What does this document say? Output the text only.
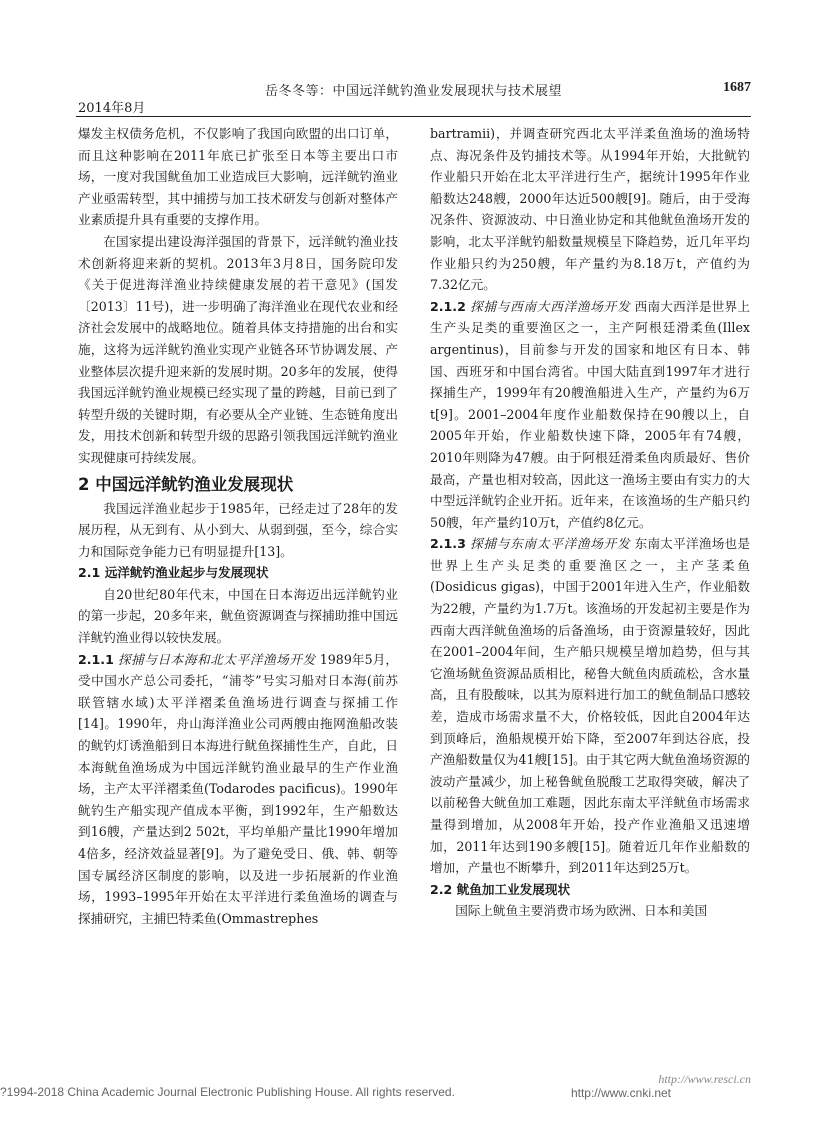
岳冬冬等：中国远洋鱿钓渔业发展现状与技术展望	1687
2014年8月

爆发主权债务危机，不仅影响了我国向欧盟的出口订单，而且这种影响在2011年底已扩张至日本等主要出口市场，一度对我国鱿鱼加工业造成巨大影响，远洋鱿钓渔业产业亟需转型，其中捕捞与加工技术研发与创新对整体产业素质提升具有重要的支撑作用。

在国家提出建设海洋强国的背景下，远洋鱿钓渔业技术创新将迎来新的契机。2013年3月8日，国务院印发《关于促进海洋渔业持续健康发展的若干意见》(国发〔2013〕11号)，进一步明确了海洋渔业在现代农业和经济社会发展中的战略地位。随着具体支持措施的出台和实施，这将为远洋鱿钓渔业实现产业链各环节协调发展、产业整体层次提升迎来新的发展时期。20多年的发展，使得我国远洋鱿钓渔业规模已经实现了量的跨越，目前已到了转型升级的关键时期，有必要从全产业链、生态链角度出发，用技术创新和转型升级的思路引领我国远洋鱿钓渔业实现健康可持续发展。

2 中国远洋鱿钓渔业发展现状

我国远洋渔业起步于1985年，已经走过了28年的发展历程，从无到有、从小到大、从弱到强，至今，综合实力和国际竞争能力已有明显提升[13]。

2.1 远洋鱿钓渔业起步与发展现状

自20世纪80年代末，中国在日本海迈出远洋鱿钓业的第一步起，20多年来，鱿鱼资源调查与探捕助推中国远洋鱿钓渔业得以较快发展。

2.1.1 探捕与日本海和北太平洋渔场开发 1989年5月，受中国水产总公司委托，“浦苓”号实习船对日本海(前苏联管辖水域)太平洋褶柔鱼渔场进行调查与探捕工作[14]。1990年，舟山海洋渔业公司两艘由拖网渔船改装的鱿钓灯诱渔船到日本海进行鱿鱼探捕性生产，自此，日本海鱿鱼渔场成为中国远洋鱿钓渔业最早的生产作业渔场，主产太平洋褶柔鱼(Todarodes pacificus)。1990年鱿钓生产船实现产值成本平衡，到1992年，生产船数达到16艘，产量达到2 502t，平均单船产量比1990年增加4倍多，经济效益显著[9]。为了避免受日、俄、韩、朝等国专属经济区制度的影响，以及进一步拓展新的作业渔场，1993–1995年开始在太平洋进行柔鱼渔场的调查与探捕研究，主捕巴特柔鱼(Ommastrephes

bartramii)，并调查研究西北太平洋柔鱼渔场的渔场特点、海况条件及钓捕技术等。从1994年开始，大批鱿钓作业船只开始在北太平洋进行生产，据统计1995年作业船数达248艘，2000年达近500艘[9]。随后，由于受海况条件、资源波动、中日渔业协定和其他鱿鱼渔场开发的影响，北太平洋鱿钓船数量规模呈下降趋势，近几年平均作业船只约为250艘，年产量约为8.18万t，产值约为7.32亿元。

2.1.2 探捕与西南大西洋渔场开发 西南大西洋是世界上生产头足类的重要渔区之一，主产阿根廷滑柔鱼(Illex argentinus)，目前参与开发的国家和地区有日本、韩国、西班牙和中国台湾省。中国大陆直到1997年才进行探捕生产，1999年有20艘渔船进入生产，产量约为6万t[9]。2001–2004年度作业船数保持在90艘以上，自2005年开始，作业船数快速下降，2005年有74艘，2010年则降为47艘。由于阿根廷滑柔鱼肉质最好、售价最高，产量也相对较高，因此这一渔场主要由有实力的大中型远洋鱿钓企业开拓。近年来，在该渔场的生产船只约50艘，年产量约10万t，产值约8亿元。

2.1.3 探捕与东南太平洋渔场开发 东南太平洋渔场也是世界上生产头足类的重要渔区之一，主产茎柔鱼(Dosidicus gigas)，中国于2001年进入生产，作业船数为22艘，产量约为1.7万t。该渔场的开发起初主要是作为西南大西洋鱿鱼渔场的后备渔场，由于资源量较好，因此在2001–2004年间，生产船只规模呈增加趋势，但与其它渔场鱿鱼资源品质相比，秘鲁大鱿鱼肉质疏松，含水量高，且有股酸味，以其为原料进行加工的鱿鱼制品口感较差，造成市场需求量不大，价格较低，因此自2004年达到顶峰后，渔船规模开始下降，至2007年到达谷底，投产渔船数量仅为41艘[15]。由于其它两大鱿鱼渔场资源的波动产量减少，加上秘鲁鱿鱼脱酸工艺取得突破，解决了以前秘鲁大鱿鱼加工难题，因此东南太平洋鱿鱼市场需求量得到增加，从2008年开始，投产作业渔船又迅速增加，2011年达到190多艘[15]。随着近几年作业船数的增加，产量也不断攀升，到2011年达到25万t。

2.2 鱿鱼加工业发展现状

国际上鱿鱼主要消费市场为欧洲、日本和美国

http://www.resci.cn
?1994-2018 China Academic Journal Electronic Publishing House. All rights reserved.	http://www.cnki.net
